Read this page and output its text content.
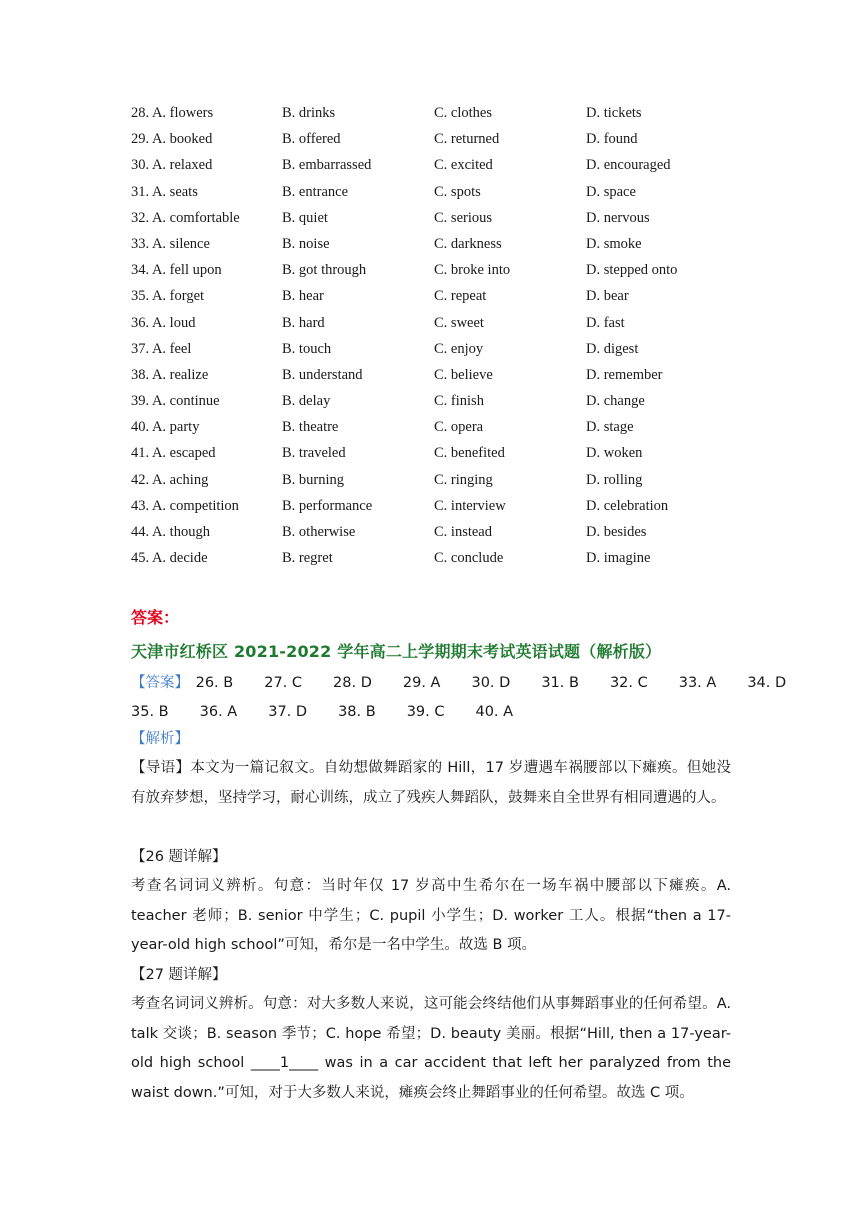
28. A. flowers	B. drinks	C. clothes	D. tickets
29. A. booked	B. offered	C. returned	D. found
30. A. relaxed	B. embarrassed	C. excited	D. encouraged
31. A. seats	B. entrance	C. spots	D. space
32. A. comfortable	B. quiet	C. serious	D. nervous
33. A. silence	B. noise	C. darkness	D. smoke
34. A. fell upon	B. got through	C. broke into	D. stepped onto
35. A. forget	B. hear	C. repeat	D. bear
36. A. loud	B. hard	C. sweet	D. fast
37. A. feel	B. touch	C. enjoy	D. digest
38. A. realize	B. understand	C. believe	D. remember
39. A. continue	B. delay	C. finish	D. change
40. A. party	B. theatre	C. opera	D. stage
41. A. escaped	B. traveled	C. benefited	D. woken
42. A. aching	B. burning	C. ringing	D. rolling
43. A. competition	B. performance	C. interview	D. celebration
44. A. though	B. otherwise	C. instead	D. besides
45. A. decide	B. regret	C. conclude	D. imagine
答案：
天津市红桥区 2021-2022 学年高二上学期期末考试英语试题（解析版）
【答案】 26. B 27. C 28. D 29. A 30. D 31. B 32. C 33. A 34. D
35. B 36. A 37. D 38. B 39. C 40. A
【解析】
【导语】本文为一篇记叙文。自幼想做舞蹈家的 Hill，17 岁遭遇车祸腰部以下瘫痪。但她没有放弃梦想，坚持学习，耐心训练，成立了残疾人舞蹈队，鼓舞来自全世界有相同遭遇的人。
【26 题详解】
考查名词词义辨析。句意：当时年仅 17 岁高中生希尔在一场车祸中腰部以下瘫痪。A. teacher 老师；B. senior 中学生；C. pupil 小学生；D. worker 工人。根据“then a 17-year-old high school”可知，希尔是一名中学生。故选 B 项。
【27 题详解】
考查名词词义辨析。句意：对大多数人来说，这可能会终结他们从事舞蹈事业的任何希望。A. talk 交谈；B. season 季节；C. hope 希望；D. beauty 美丽。根据“Hill, then a 17-year-old high school ____1____ was in a car accident that left her paralyzed from the waist down.”可知，对于大多数人来说，瘫痪会终止舞蹈事业的任何希望。故选 C 项。
